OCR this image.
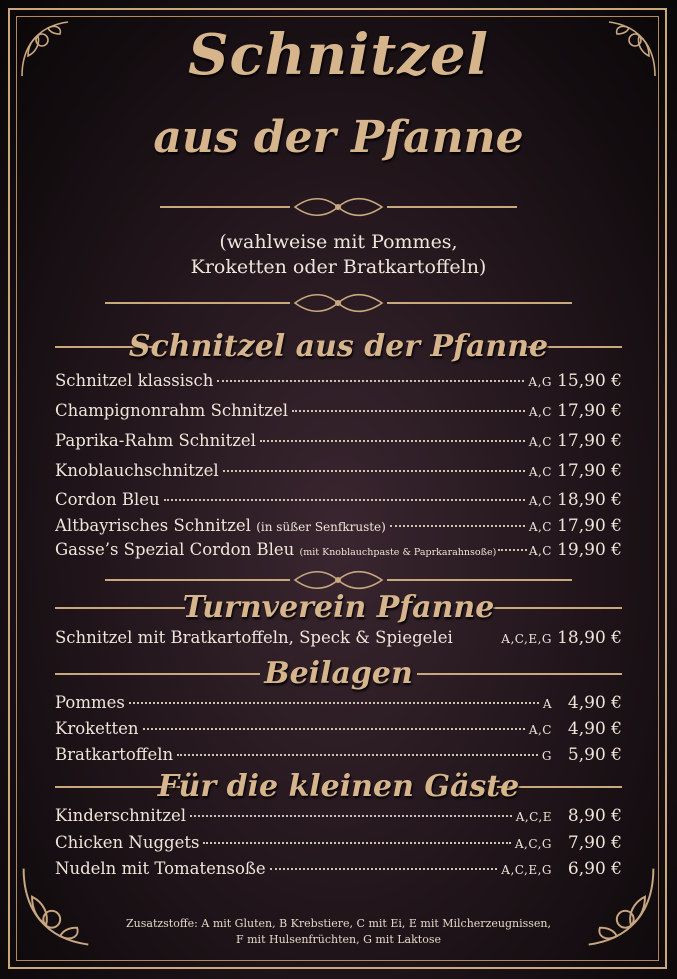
Schnitzel
aus der Pfanne
(wahlweise mit Pommes,
Kroketten oder Bratkartoffeln)
Schnitzel aus der Pfanne
Schnitzel klassisch	A,G 15,90 €
Champignonrahm Schnitzel	A,C 17,90 €
Paprika-Rahm Schnitzel	A,C 17,90 €
Knoblauchschnitzel	A,C 17,90 €
Cordon Bleu	A,C 18,90 €
Altbayrisches Schnitzel (in süßer Senfkruste)	A,C 17,90 €
Gasse’s Spezial Cordon Bleu (mit Knoblauchpaste & Paprkarahnsoße)	A,C 19,90 €
Turnverein Pfanne
Schnitzel mit Bratkartoffeln, Speck & Spiegelei	A,C,E,G 18,90 €
Beilagen
Pommes	A 4,90 €
Kroketten	A,C 4,90 €
Bratkartoffeln	G 5,90 €
Für die kleinen Gäste
Kinderschnitzel	A,C,E 8,90 €
Chicken Nuggets	A,C,G 7,90 €
Nudeln mit Tomatensoße	A,C,E,G 6,90 €
Zusatzstoffe: A mit Gluten, B Krebstiere, C mit Ei, E mit Milcherzeugnissen,
F mit Hulsenfrüchten, G mit Laktose
